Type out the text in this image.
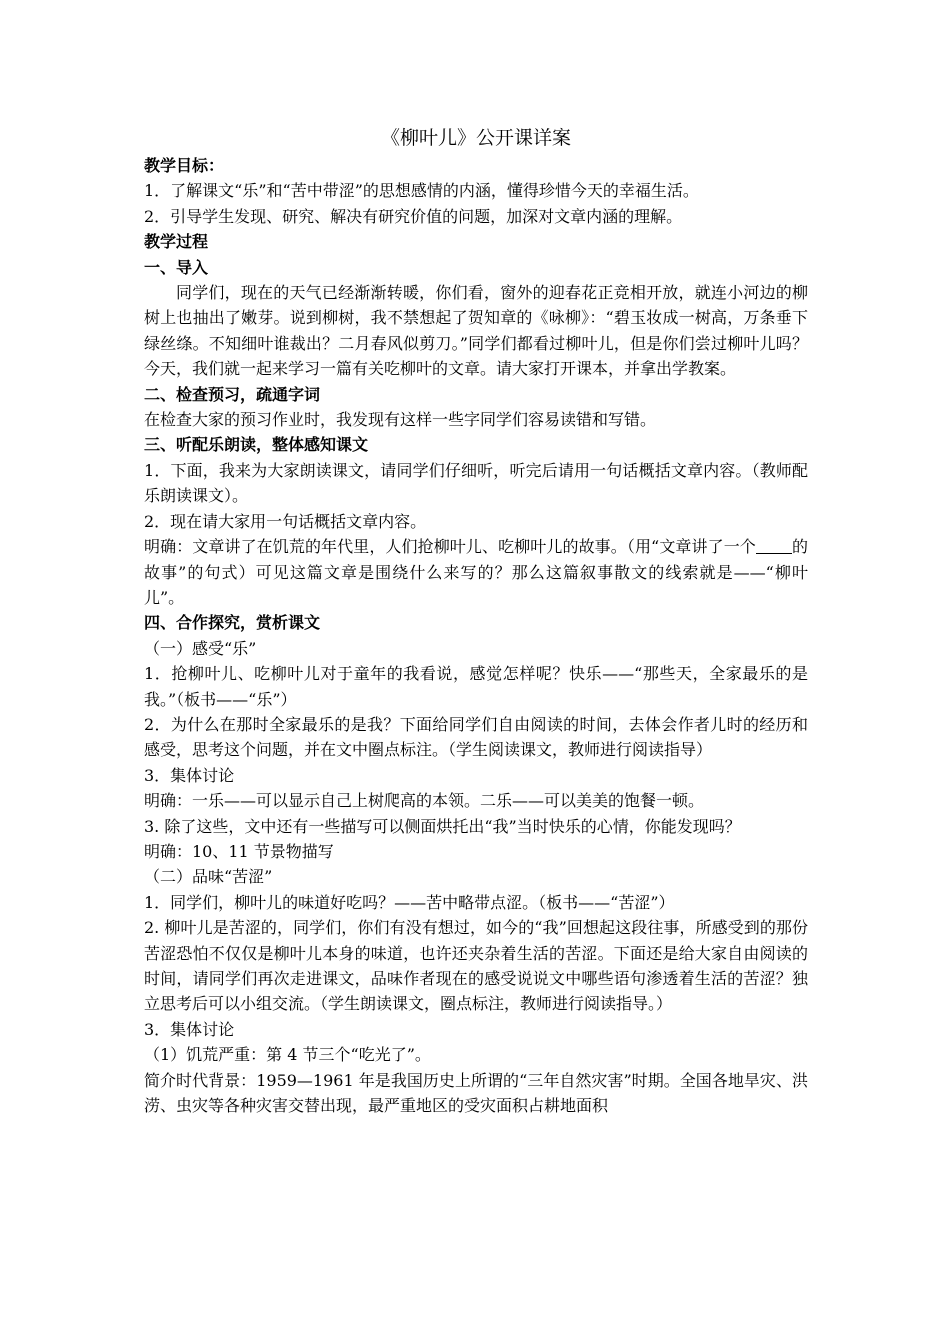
《柳叶儿》公开课详案

教学目标：

1．了解课文“乐”和“苦中带涩”的思想感情的内涵，懂得珍惜今天的幸福生活。

2．引导学生发现、研究、解决有研究价值的问题，加深对文章内涵的理解。

教学过程

一、导入

同学们，现在的天气已经渐渐转暖，你们看，窗外的迎春花正竞相开放，就连小河边的柳树上也抽出了嫩芽。说到柳树，我不禁想起了贺知章的《咏柳》：“碧玉妆成一树高，万条垂下绿丝绦。不知细叶谁裁出？二月春风似剪刀。”同学们都看过柳叶儿，但是你们尝过柳叶儿吗？今天，我们就一起来学习一篇有关吃柳叶的文章。请大家打开课本，并拿出学教案。

二、检查预习，疏通字词

在检查大家的预习作业时，我发现有这样一些字同学们容易读错和写错。

三、听配乐朗读，整体感知课文

1．下面，我来为大家朗读课文，请同学们仔细听，听完后请用一句话概括文章内容。（教师配乐朗读课文）。

2．现在请大家用一句话概括文章内容。

明确：文章讲了在饥荒的年代里，人们抢柳叶儿、吃柳叶儿的故事。（用“文章讲了一个 的故事”的句式）可见这篇文章是围绕什么来写的？那么这篇叙事散文的线索就是——“柳叶儿”。

四、合作探究，赏析课文

（一）感受“乐”

1．抢柳叶儿、吃柳叶儿对于童年的我看说，感觉怎样呢？快乐——“那些天，全家最乐的是我。”（板书——“乐”）

2．为什么在那时全家最乐的是我？下面给同学们自由阅读的时间，去体会作者儿时的经历和感受，思考这个问题，并在文中圈点标注。（学生阅读课文，教师进行阅读指导）

3．集体讨论

明确：一乐——可以显示自己上树爬高的本领。二乐——可以美美的饱餐一顿。

3. 除了这些，文中还有一些描写可以侧面烘托出“我”当时快乐的心情，你能发现吗？

明确：10、11 节景物描写

（二）品味“苦涩”

1．同学们，柳叶儿的味道好吃吗？——苦中略带点涩。（板书——“苦涩”）

2. 柳叶儿是苦涩的，同学们，你们有没有想过，如今的“我”回想起这段往事，所感受到的那份苦涩恐怕不仅仅是柳叶儿本身的味道，也许还夹杂着生活的苦涩。下面还是给大家自由阅读的时间，请同学们再次走进课文，品味作者现在的感受说说文中哪些语句渗透着生活的苦涩？独立思考后可以小组交流。（学生朗读课文，圈点标注，教师进行阅读指导。）

3．集体讨论

（1）饥荒严重：第 4 节三个“吃光了”。

简介时代背景：1959—1961 年是我国历史上所谓的“三年自然灾害”时期。全国各地旱灾、洪涝、虫灾等各种灾害交替出现，最严重地区的受灾面积占耕地面积
